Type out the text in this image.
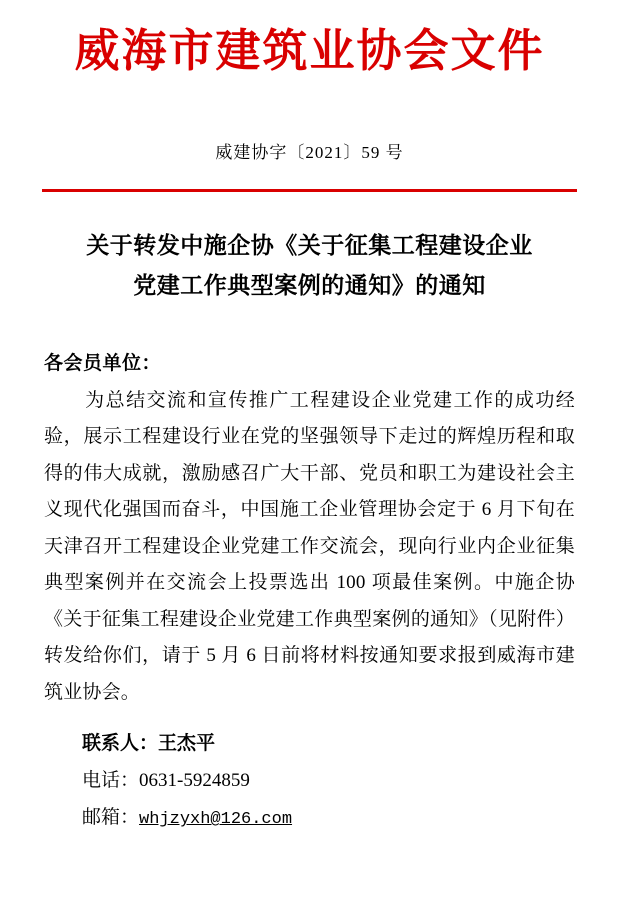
威海市建筑业协会文件
威建协字〔2021〕59 号
关于转发中施企协《关于征集工程建设企业
党建工作典型案例的通知》的通知
各会员单位：
为总结交流和宣传推广工程建设企业党建工作的成功经验，展示工程建设行业在党的坚强领导下走过的辉煌历程和取得的伟大成就，激励感召广大干部、党员和职工为建设社会主义现代化强国而奋斗，中国施工企业管理协会定于 6 月下旬在天津召开工程建设企业党建工作交流会，现向行业内企业征集典型案例并在交流会上投票选出 100 项最佳案例。中施企协《关于征集工程建设企业党建工作典型案例的通知》（见附件）转发给你们，请于 5 月 6 日前将材料按通知要求报到威海市建筑业协会。
联系人：王杰平
电话：0631-5924859
邮箱：whjzyxh@126.com
